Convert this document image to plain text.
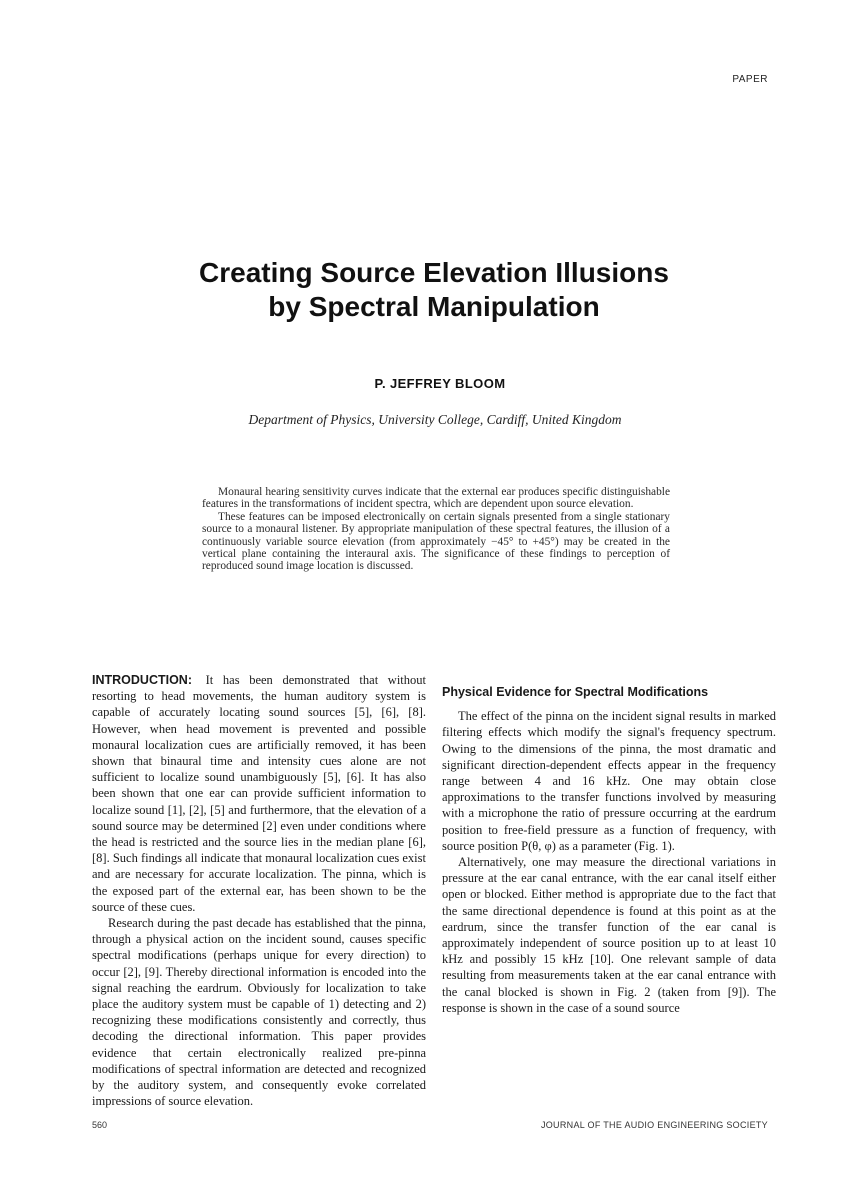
PAPER
Creating Source Elevation Illusions
by Spectral Manipulation
P. JEFFREY BLOOM
Department of Physics, University College, Cardiff, United Kingdom

Monaural hearing sensitivity curves indicate that the external ear produces specific distinguishable features in the transformations of incident spectra, which are dependent upon source elevation.

These features can be imposed electronically on certain signals presented from a single stationary source to a monaural listener. By appropriate manipulation of these spectral features, the illusion of a continuously variable source elevation (from approximately −45° to +45°) may be created in the vertical plane containing the interaural axis. The significance of these findings to perception of reproduced sound image location is discussed.

INTRODUCTION: It has been demonstrated that without resorting to head movements, the human auditory system is capable of accurately locating sound sources [5], [6], [8]. However, when head movement is prevented and possible monaural localization cues are artificially removed, it has been shown that binaural time and intensity cues alone are not sufficient to localize sound unambiguously [5], [6]. It has also been shown that one ear can provide sufficient information to localize sound [1], [2], [5] and furthermore, that the elevation of a sound source may be determined [2] even under conditions where the head is restricted and the source lies in the median plane [6], [8]. Such findings all indicate that monaural localization cues exist and are necessary for accurate localization. The pinna, which is the exposed part of the external ear, has been shown to be the source of these cues.

Research during the past decade has established that the pinna, through a physical action on the incident sound, causes specific spectral modifications (perhaps unique for every direction) to occur [2], [9]. Thereby directional information is encoded into the signal reaching the eardrum. Obviously for localization to take place the auditory system must be capable of 1) detecting and 2) recognizing these modifications consistently and correctly, thus decoding the directional information. This paper provides evidence that certain electronically realized pre-pinna modifications of spectral information are detected and recognized by the auditory system, and consequently evoke correlated impressions of source elevation.

Physical Evidence for Spectral Modifications

The effect of the pinna on the incident signal results in marked filtering effects which modify the signal's frequency spectrum. Owing to the dimensions of the pinna, the most dramatic and significant direction-dependent effects appear in the frequency range between 4 and 16 kHz. One may obtain close approximations to the transfer functions involved by measuring with a microphone the ratio of pressure occurring at the eardrum position to free-field pressure as a function of frequency, with source position P(θ, φ) as a parameter (Fig. 1).

Alternatively, one may measure the directional variations in pressure at the ear canal entrance, with the ear canal itself either open or blocked. Either method is appropriate due to the fact that the same directional dependence is found at this point as at the eardrum, since the transfer function of the ear canal is approximately independent of source position up to at least 10 kHz and possibly 15 kHz [10]. One relevant sample of data resulting from measurements taken at the ear canal entrance with the canal blocked is shown in Fig. 2 (taken from [9]). The response is shown in the case of a sound source

560	JOURNAL OF THE AUDIO ENGINEERING SOCIETY
